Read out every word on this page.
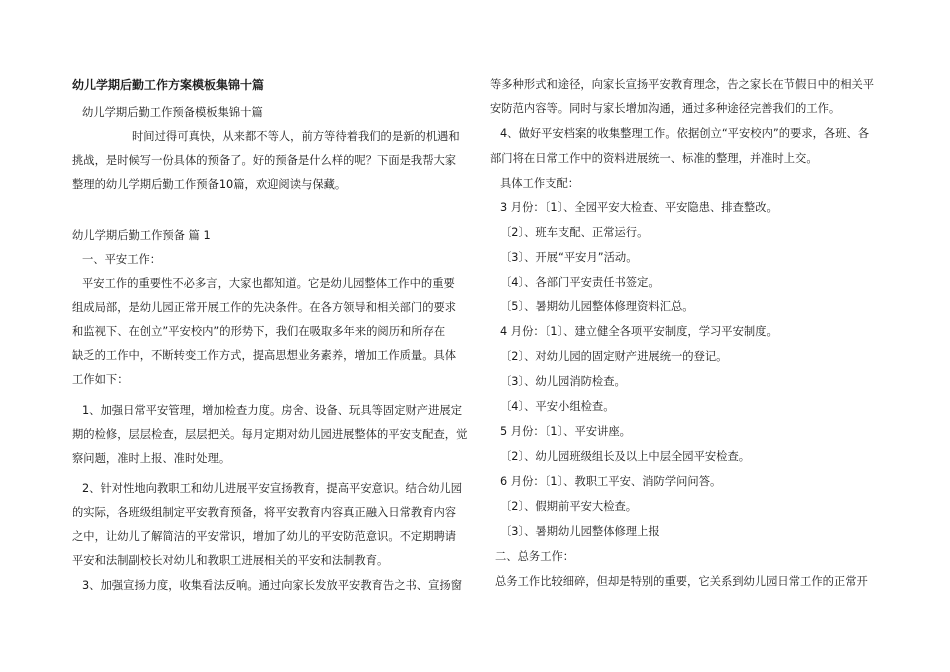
幼儿学期后勤工作方案模板集锦十篇
幼儿学期后勤工作预备模板集锦十篇
时间过得可真快，从来都不等人，前方等待着我们的是新的机遇和
挑战，是时候写一份具体的预备了。好的预备是什么样的呢？下面是我帮大家
整理的幼儿学期后勤工作预备10篇，欢迎阅读与保藏。
幼儿学期后勤工作预备 篇 1
一、平安工作：
平安工作的重要性不必多言，大家也都知道。它是幼儿园整体工作中的重要
组成局部，是幼儿园正常开展工作的先决条件。在各方领导和相关部门的要求
和监视下、在创立”平安校内”的形势下，我们在吸取多年来的阅历和所存在
缺乏的工作中，不断转变工作方式，提高思想业务素养，增加工作质量。具体
工作如下：
1、加强日常平安管理，增加检查力度。房舍、设备、玩具等固定财产进展定
期的检修，层层检查，层层把关。每月定期对幼儿园进展整体的平安支配查，觉
察问题，准时上报、准时处理。
2、针对性地向教职工和幼儿进展平安宣扬教育，提高平安意识。结合幼儿园
的实际，各班级组制定平安教育预备，将平安教育内容真正融入日常教育内容
之中，让幼儿了解简洁的平安常识，增加了幼儿的平安防范意识。不定期聘请
平安和法制副校长对幼儿和教职工进展相关的平安和法制教育。
3、加强宣扬力度，收集看法反响。通过向家长发放平安教育告之书、宣扬窗
等多种形式和途径，向家长宣扬平安教育理念，告之家长在节假日中的相关平
安防范内容等。同时与家长增加沟通，通过多种途径完善我们的工作。
4、做好平安档案的收集整理工作。依据创立“平安校内”的要求，各班、各
部门将在日常工作中的资料进展统一、标准的整理，并准时上交。
具体工作支配：
3 月份：〔1〕、全园平安大检查、平安隐患、排查整改。
〔2〕、班车支配、正常运行。
〔3〕、开展“平安月”活动。
〔4〕、各部门平安责任书签定。
〔5〕、暑期幼儿园整体修理资料汇总。
4 月份：〔1〕、建立健全各项平安制度，学习平安制度。
〔2〕、对幼儿园的固定财产进展统一的登记。
〔3〕、幼儿园消防检查。
〔4〕、平安小组检查。
5 月份：〔1〕、平安讲座。
〔2〕、幼儿园班级组长及以上中层全园平安检查。
6 月份：〔1〕、教职工平安、消防学问问答。
〔2〕、假期前平安大检查。
〔3〕、暑期幼儿园整体修理上报
二、总务工作：
总务工作比较细碎，但却是特别的重要，它关系到幼儿园日常工作的正常开
